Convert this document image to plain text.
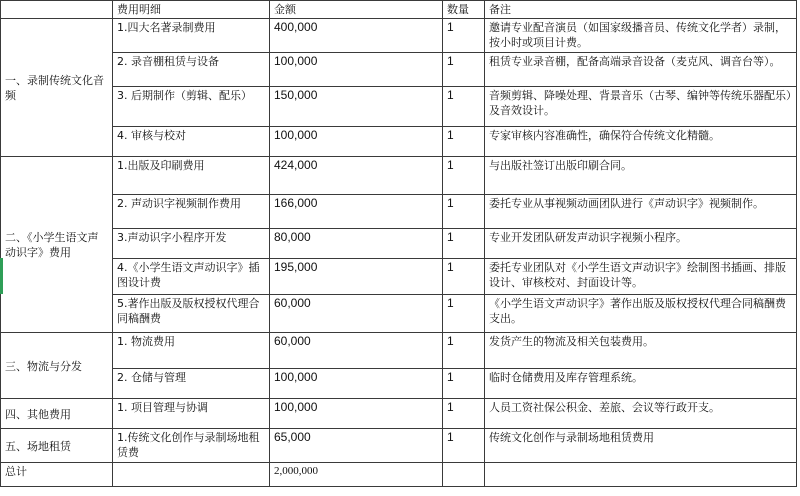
	费用明细	金额	数量	备注
一、录制传统文化音频	1.四大名著录制费用	400,000	1	邀请专业配音演员（如国家级播音员、传统文化学者）录制，按小时或项目计费。
	2. 录音棚租赁与设备	100,000	1	租赁专业录音棚，配备高端录音设备（麦克风、调音台等）。
	3. 后期制作（剪辑、配乐）	150,000	1	音频剪辑、降噪处理、背景音乐（古琴、编钟等传统乐器配乐）及音效设计。
	4. 审核与校对	100,000	1	专家审核内容准确性，确保符合传统文化精髓。
二、《小学生语文声动识字》费用	1.出版及印刷费用	424,000	1	与出版社签订出版印刷合同。
	2. 声动识字视频制作费用	166,000	1	委托专业从事视频动画团队进行《声动识字》视频制作。
	3.声动识字小程序开发	80,000	1	专业开发团队研发声动识字视频小程序。
	4.《小学生语文声动识字》插图设计费	195,000	1	委托专业团队对《小学生语文声动识字》绘制图书插画、排版设计、审核校对、封面设计等。
	5.著作出版及版权授权代理合同稿酬费	60,000	1	《小学生语文声动识字》著作出版及版权授权代理合同稿酬费支出。
三、物流与分发	1. 物流费用	60,000	1	发货产生的物流及相关包装费用。
	2. 仓储与管理	100,000	1	临时仓储费用及库存管理系统。
四、其他费用	1. 项目管理与协调	100,000	1	人员工资社保公积金、差旅、会议等行政开支。
五、场地租赁	1.传统文化创作与录制场地租赁费	65,000	1	传统文化创作与录制场地租赁费用
总计		2,000,000		
